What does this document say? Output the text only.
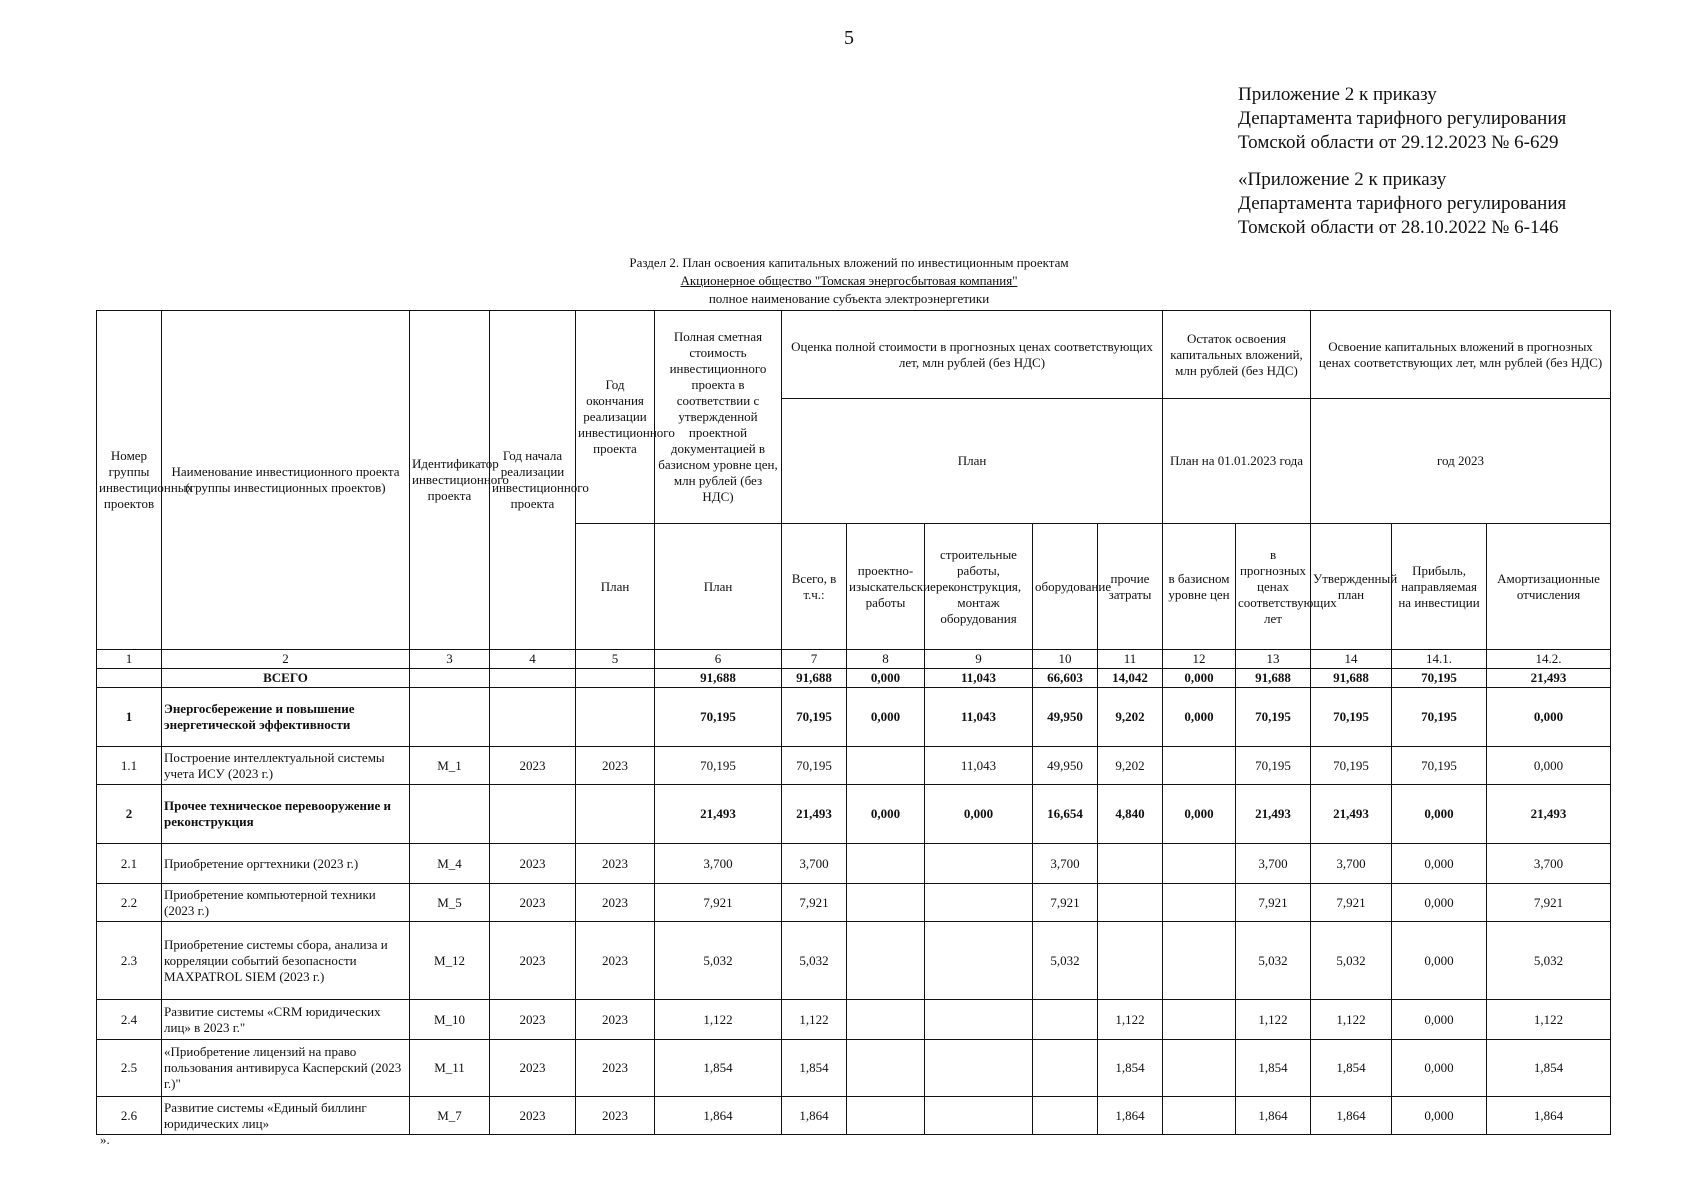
5
Приложение 2 к приказу
Департамента тарифного регулирования
Томской области от 29.12.2023 № 6-629
«Приложение 2 к приказу
Департамента тарифного регулирования
Томской области от 28.10.2022 № 6-146
Раздел 2. План освоения капитальных вложений по инвестиционным проектам
Акционерное общество "Томская энергосбытовая компания"
полное наименование субъекта электроэнергетики
Номер группы инвестиционных проектов	Наименование инвестиционного проекта (группы инвестиционных проектов)	Идентификатор инвестиционного проекта	Год начала реализации инвестиционного проекта	Год окончания реализации инвестиционного проекта	Полная сметная стоимость инвестиционного проекта в соответствии с утвержденной проектной документацией в базисном уровне цен, млн рублей (без НДС)	Оценка полной стоимости в прогнозных ценах соответствующих лет, млн рублей (без НДС)					Остаток освоения капитальных вложений, млн рублей (без НДС)		Освоение капитальных вложений в прогнозных ценах соответствующих лет, млн рублей (без НДС)		
						План					План на 01.01.2023 года		год 2023		
				План	План	Всего, в т.ч.:	проектно-изыскательские работы	строительные работы, реконструкция, монтаж оборудования	оборудование	прочие затраты	в базисном уровне цен	в прогнозных ценах соответствующих лет	Утвержденный план	Прибыль, направляемая на инвестиции	Амортизационные отчисления
1	2	3	4	5	6	7	8	9	10	11	12	13	14	14.1.	14.2.
	ВСЕГО				91,688	91,688	0,000	11,043	66,603	14,042	0,000	91,688	91,688	70,195	21,493
1	Энергосбережение и повышение энергетической эффективности				70,195	70,195	0,000	11,043	49,950	9,202	0,000	70,195	70,195	70,195	0,000
1.1	Построение интеллектуальной системы учета ИСУ (2023 г.)	M_1	2023	2023	70,195	70,195		11,043	49,950	9,202		70,195	70,195	70,195	0,000
2	Прочее техническое перевооружение и реконструкция				21,493	21,493	0,000	0,000	16,654	4,840	0,000	21,493	21,493	0,000	21,493
2.1	Приобретение оргтехники (2023 г.)	M_4	2023	2023	3,700	3,700			3,700			3,700	3,700	0,000	3,700
2.2	Приобретение компьютерной техники (2023 г.)	M_5	2023	2023	7,921	7,921			7,921			7,921	7,921	0,000	7,921
2.3	Приобретение системы сбора, анализа и корреляции событий безопасности MAXPATROL SIEM (2023 г.)	M_12	2023	2023	5,032	5,032			5,032			5,032	5,032	0,000	5,032
2.4	Развитие системы «CRM юридических лиц» в 2023 г."	M_10	2023	2023	1,122	1,122				1,122		1,122	1,122	0,000	1,122
2.5	«Приобретение лицензий на право пользования антивируса Касперский (2023 г.)"	M_11	2023	2023	1,854	1,854				1,854		1,854	1,854	0,000	1,854
2.6	Развитие системы «Единый биллинг юридических лиц»	M_7	2023	2023	1,864	1,864				1,864		1,864	1,864	0,000	1,864
».
